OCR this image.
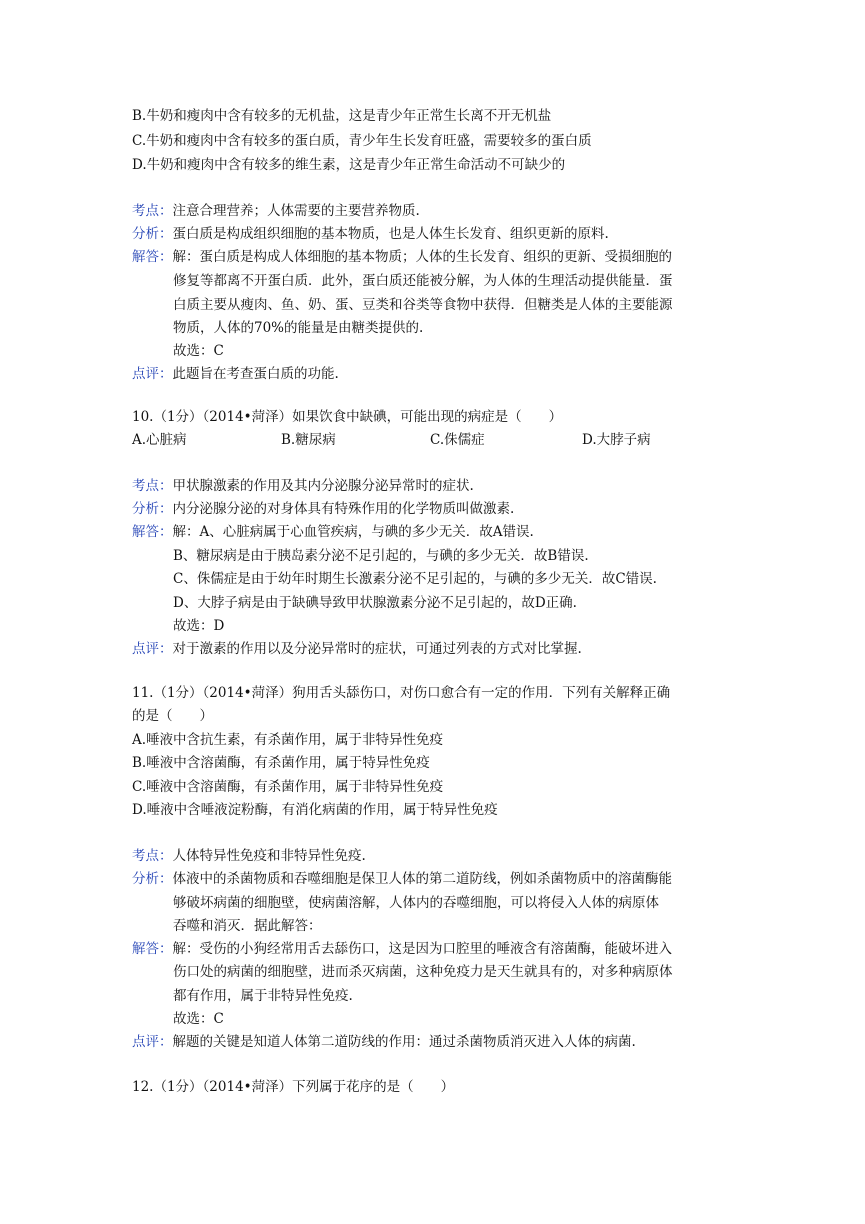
B.牛奶和瘦肉中含有较多的无机盐，这是青少年正常生长离不开无机盐
C.牛奶和瘦肉中含有较多的蛋白质，青少年生长发育旺盛，需要较多的蛋白质
D.牛奶和瘦肉中含有较多的维生素，这是青少年正常生命活动不可缺少的
考点：注意合理营养；人体需要的主要营养物质.
分析：蛋白质是构成组织细胞的基本物质，也是人体生长发育、组织更新的原料.
解答：解：蛋白质是构成人体细胞的基本物质；人体的生长发育、组织的更新、受损细胞的
修复等都离不开蛋白质．此外，蛋白质还能被分解，为人体的生理活动提供能量．蛋
白质主要从瘦肉、鱼、奶、蛋、豆类和谷类等食物中获得．但糖类是人体的主要能源
物质，人体的70%的能量是由糖类提供的.
故选：C
点评：此题旨在考查蛋白质的功能.
10.（1分）（2014•菏泽）如果饮食中缺碘，可能出现的病症是（　　）
A.心脏病	B.糖尿病	C.侏儒症	D.大脖子病
考点：甲状腺激素的作用及其内分泌腺分泌异常时的症状.
分析：内分泌腺分泌的对身体具有特殊作用的化学物质叫做激素.
解答：解：A、心脏病属于心血管疾病，与碘的多少无关．故A错误.
B、糖尿病是由于胰岛素分泌不足引起的，与碘的多少无关．故B错误.
C、侏儒症是由于幼年时期生长激素分泌不足引起的，与碘的多少无关．故C错误.
D、大脖子病是由于缺碘导致甲状腺激素分泌不足引起的，故D正确.
故选：D
点评：对于激素的作用以及分泌异常时的症状，可通过列表的方式对比掌握.
11.（1分）（2014•菏泽）狗用舌头舔伤口，对伤口愈合有一定的作用．下列有关解释正确
的是（　　）
A.唾液中含抗生素，有杀菌作用，属于非特异性免疫
B.唾液中含溶菌酶，有杀菌作用，属于特异性免疫
C.唾液中含溶菌酶，有杀菌作用，属于非特异性免疫
D.唾液中含唾液淀粉酶，有消化病菌的作用，属于特异性免疫
考点：人体特异性免疫和非特异性免疫.
分析：体液中的杀菌物质和吞噬细胞是保卫人体的第二道防线，例如杀菌物质中的溶菌酶能
够破坏病菌的细胞壁，使病菌溶解，人体内的吞噬细胞，可以将侵入人体的病原体
吞噬和消灭．据此解答：
解答：解：受伤的小狗经常用舌去舔伤口，这是因为口腔里的唾液含有溶菌酶，能破坏进入
伤口处的病菌的细胞壁，进而杀灭病菌，这种免疫力是天生就具有的，对多种病原体
都有作用，属于非特异性免疫.
故选：C
点评：解题的关键是知道人体第二道防线的作用：通过杀菌物质消灭进入人体的病菌.
12.（1分）（2014•菏泽）下列属于花序的是（　　）
